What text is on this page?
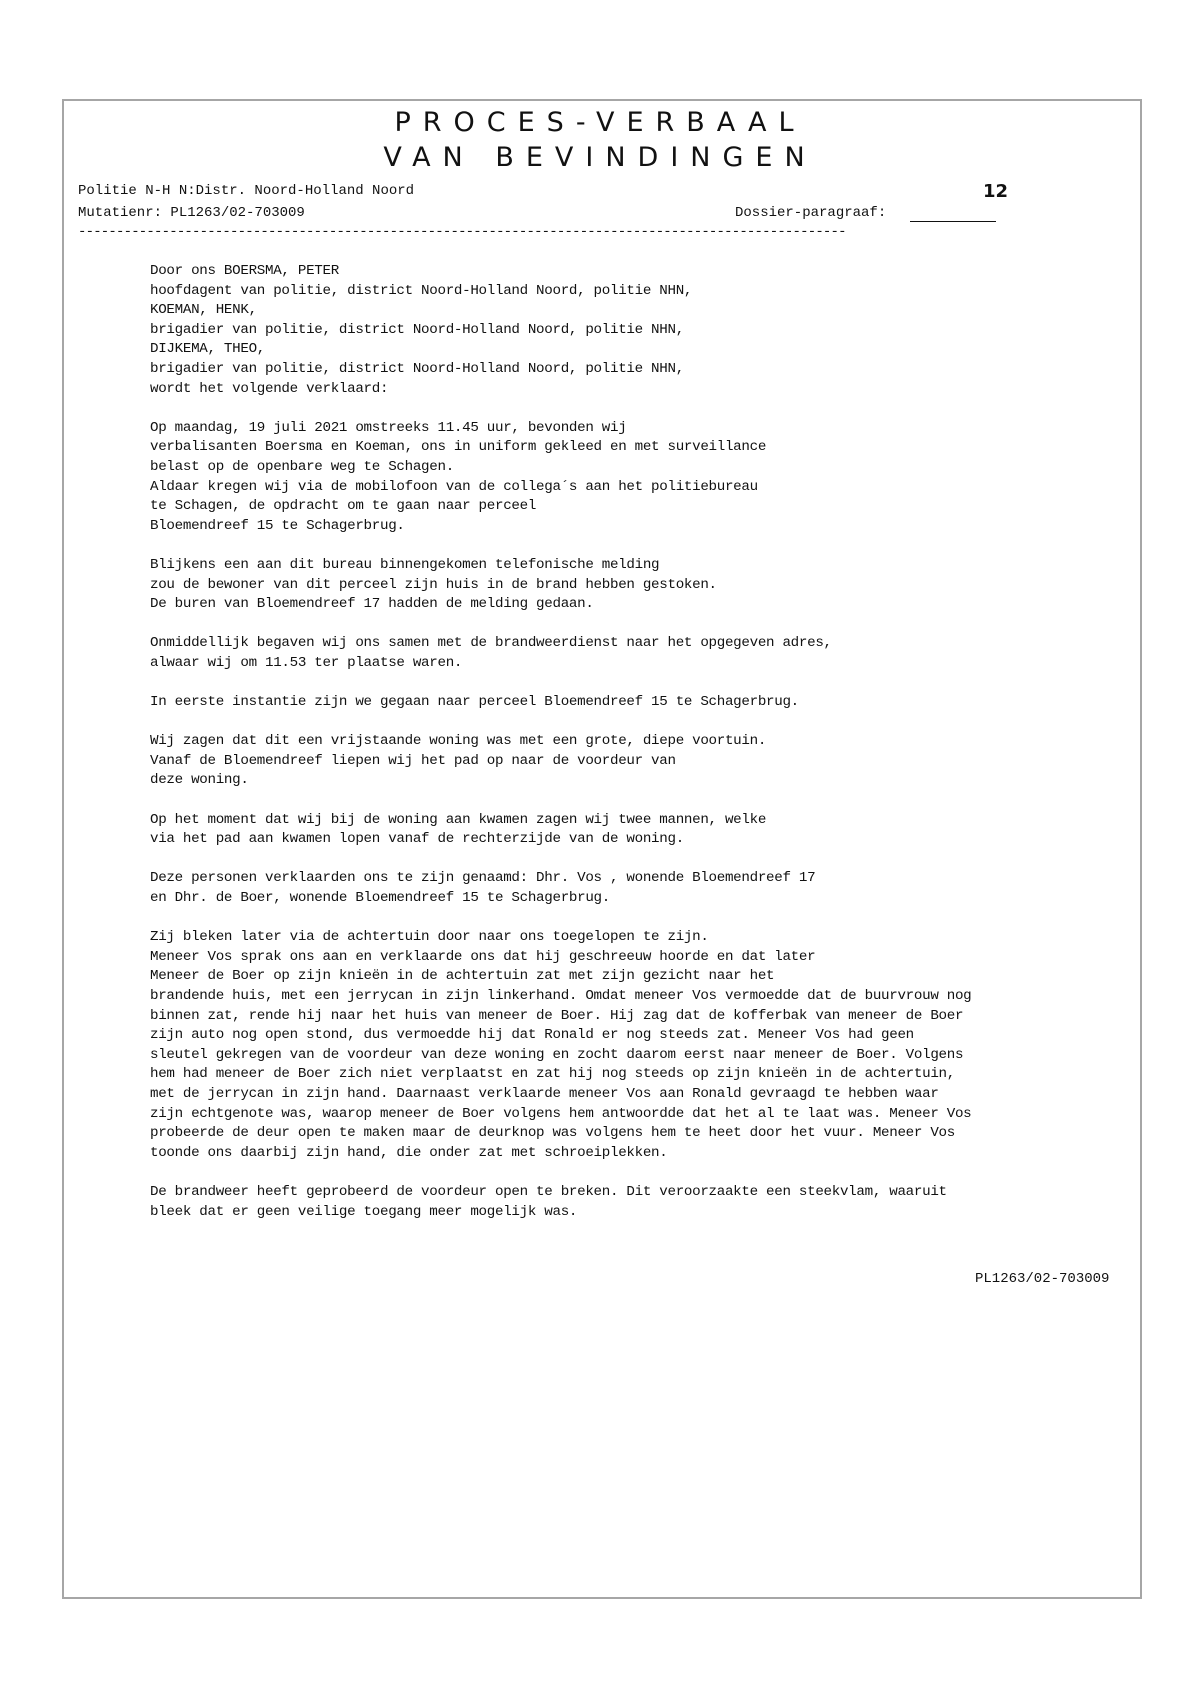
PROCES-VERBAAL
VAN BEVINDINGEN
Politie N-H N:Distr. Noord-Holland Noord	12
Mutatienr: PL1263/02-703009	Dossier-paragraaf:
-----------------------------------------------------------------------------------------------------
Door ons BOERSMA, PETER
hoofdagent van politie, district Noord-Holland Noord, politie NHN,
KOEMAN, HENK,
brigadier van politie, district Noord-Holland Noord, politie NHN,
DIJKEMA, THEO,
brigadier van politie, district Noord-Holland Noord, politie NHN,
wordt het volgende verklaard:
Op maandag, 19 juli 2021 omstreeks 11.45 uur, bevonden wij
verbalisanten Boersma en Koeman, ons in uniform gekleed en met surveillance
belast op de openbare weg te Schagen.
Aldaar kregen wij via de mobilofoon van de collega´s aan het politiebureau
te Schagen, de opdracht om te gaan naar perceel
Bloemendreef 15 te Schagerbrug.
Blijkens een aan dit bureau binnengekomen telefonische melding
zou de bewoner van dit perceel zijn huis in de brand hebben gestoken.
De buren van Bloemendreef 17 hadden de melding gedaan.
Onmiddellijk begaven wij ons samen met de brandweerdienst naar het opgegeven adres,
alwaar wij om 11.53 ter plaatse waren.
In eerste instantie zijn we gegaan naar perceel Bloemendreef 15 te Schagerbrug.
Wij zagen dat dit een vrijstaande woning was met een grote, diepe voortuin.
Vanaf de Bloemendreef liepen wij het pad op naar de voordeur van
deze woning.
Op het moment dat wij bij de woning aan kwamen zagen wij twee mannen, welke
via het pad aan kwamen lopen vanaf de rechterzijde van de woning.
Deze personen verklaarden ons te zijn genaamd: Dhr. Vos , wonende Bloemendreef 17
en Dhr. de Boer, wonende Bloemendreef 15 te Schagerbrug.
Zij bleken later via de achtertuin door naar ons toegelopen te zijn.
Meneer Vos sprak ons aan en verklaarde ons dat hij geschreeuw hoorde en dat later
Meneer de Boer op zijn knieën in de achtertuin zat met zijn gezicht naar het
brandende huis, met een jerrycan in zijn linkerhand. Omdat meneer Vos vermoedde dat de buurvrouw nog
binnen zat, rende hij naar het huis van meneer de Boer. Hij zag dat de kofferbak van meneer de Boer
zijn auto nog open stond, dus vermoedde hij dat Ronald er nog steeds zat. Meneer Vos had geen
sleutel gekregen van de voordeur van deze woning en zocht daarom eerst naar meneer de Boer. Volgens
hem had meneer de Boer zich niet verplaatst en zat hij nog steeds op zijn knieën in de achtertuin,
met de jerrycan in zijn hand. Daarnaast verklaarde meneer Vos aan Ronald gevraagd te hebben waar
zijn echtgenote was, waarop meneer de Boer volgens hem antwoordde dat het al te laat was. Meneer Vos
probeerde de deur open te maken maar de deurknop was volgens hem te heet door het vuur. Meneer Vos
toonde ons daarbij zijn hand, die onder zat met schroeiplekken.
De brandweer heeft geprobeerd de voordeur open te breken. Dit veroorzaakte een steekvlam, waaruit
bleek dat er geen veilige toegang meer mogelijk was.
PL1263/02-703009
